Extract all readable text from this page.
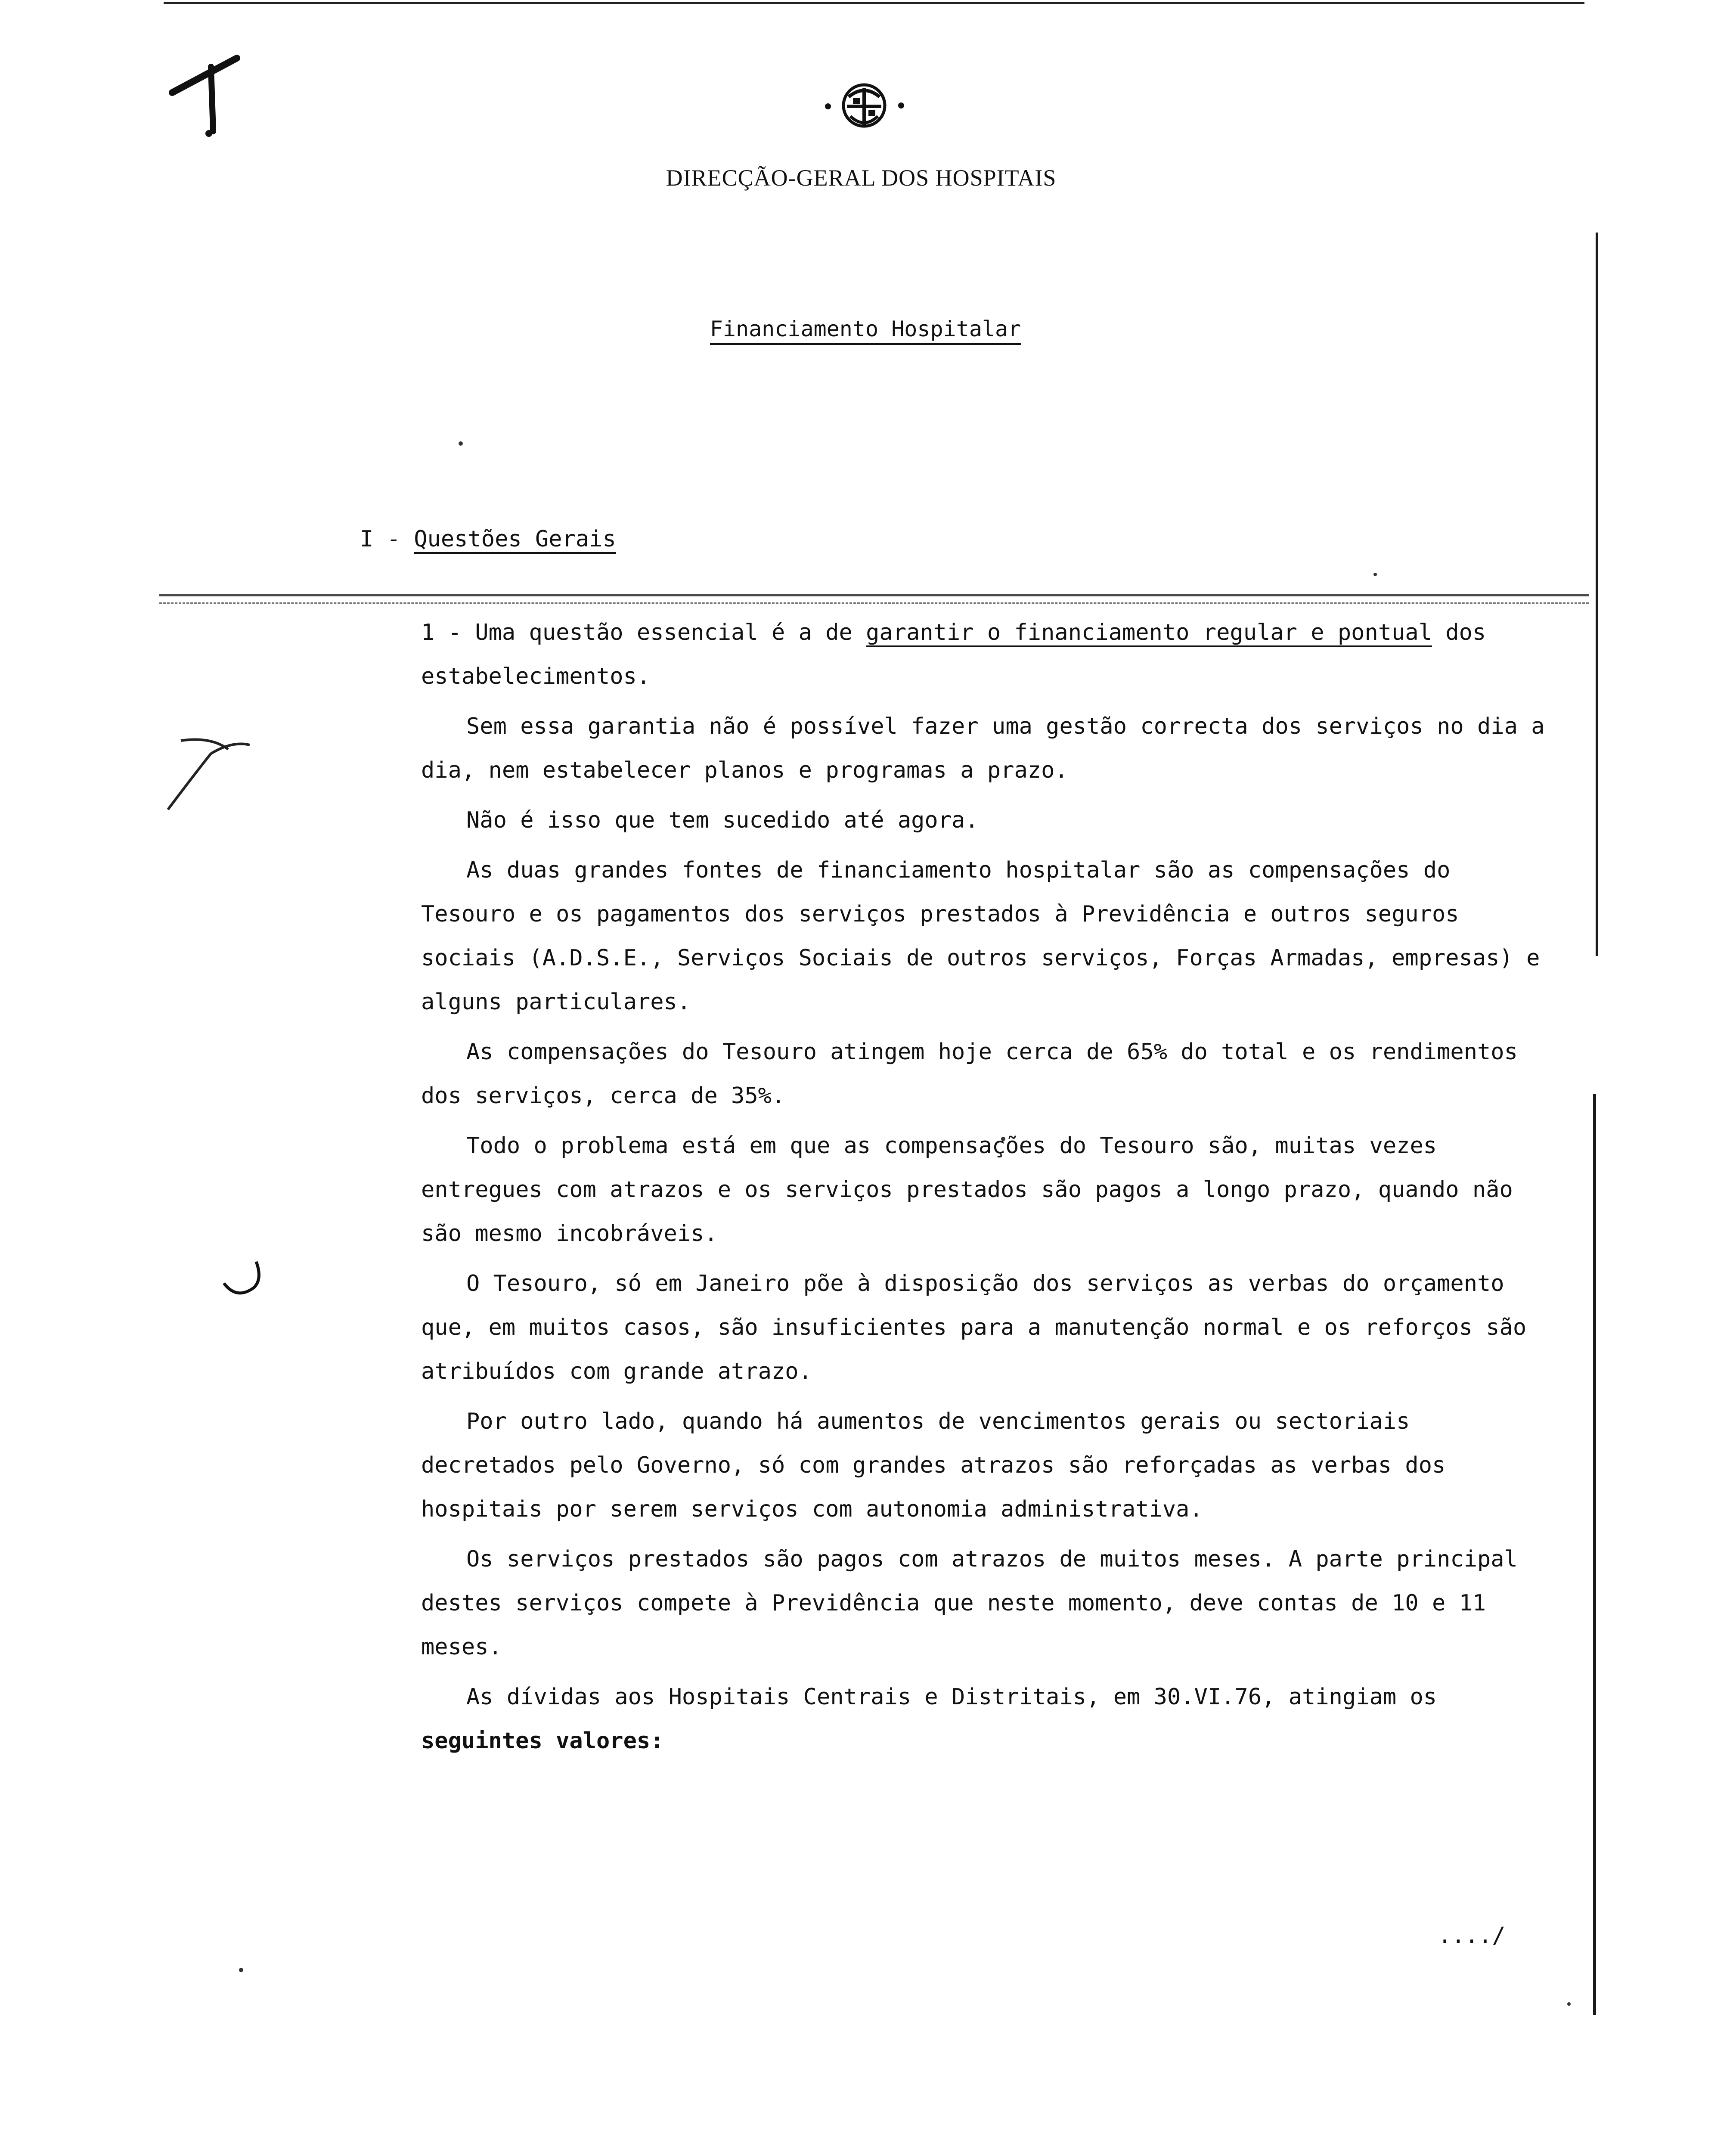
DIRECÇÃO-GERAL DOS HOSPITAIS
Financiamento Hospitalar
I - Questões Gerais

1 - Uma questão essencial é a de garantir o financiamento regular e pontual dos estabelecimentos.

Sem essa garantia não é possível fazer uma gestão correcta dos serviços no dia a dia, nem estabelecer planos e programas a prazo.

Não é isso que tem sucedido até agora.

As duas grandes fontes de financiamento hospitalar são as compensações do Tesouro e os pagamentos dos serviços prestados à Previdência e outros seguros sociais (A.D.S.E., Serviços Sociais de outros serviços, Forças Armadas, empresas) e alguns particulares.

As compensações do Tesouro atingem hoje cerca de 65% do total e os rendimentos dos serviços, cerca de 35%.

Todo o problema está em que as compensações do Tesouro são, muitas vezes entregues com atrazos e os serviços prestados são pagos a longo prazo, quando não são mesmo incobráveis.

O Tesouro, só em Janeiro põe à disposição dos serviços as verbas do orçamento que, em muitos casos, são insuficientes para a manutenção normal e os reforços são atribuídos com grande atrazo.

Por outro lado, quando há aumentos de vencimentos gerais ou sectoriais decretados pelo Governo, só com grandes atrazos são reforçadas as verbas dos hospitais por serem serviços com autonomia administrativa.

Os serviços prestados são pagos com atrazos de muitos meses. A parte principal destes serviços compete à Previdência que neste momento, deve contas de 10 e 11 meses.

As dívidas aos Hospitais Centrais e Distritais, em 30.VI.76, atingiam os seguintes valores:

..../
